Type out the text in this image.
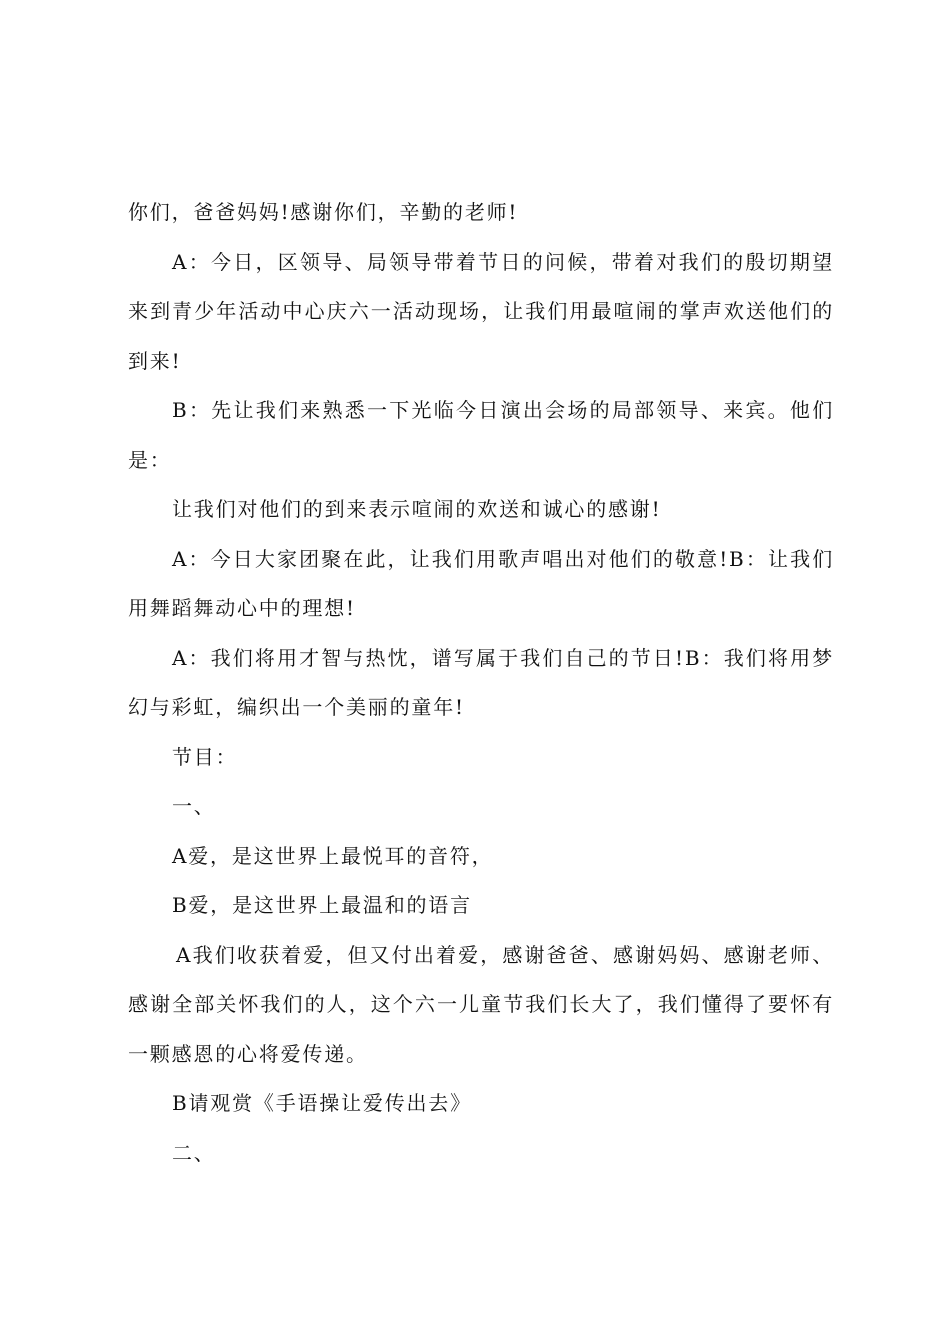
你们，爸爸妈妈!感谢你们，辛勤的老师!

A：今日，区领导、局领导带着节日的问候，带着对我们的殷切期望来到青少年活动中心庆六一活动现场，让我们用最喧闹的掌声欢送他们的到来!

B：先让我们来熟悉一下光临今日演出会场的局部领导、来宾。他们是：

让我们对他们的到来表示喧闹的欢送和诚心的感谢!

A：今日大家团聚在此，让我们用歌声唱出对他们的敬意!B：让我们用舞蹈舞动心中的理想!

A：我们将用才智与热忱，谱写属于我们自己的节日!B：我们将用梦幻与彩虹，编织出一个美丽的童年!

节目：

一、

A爱，是这世界上最悦耳的音符，

B爱，是这世界上最温和的语言

A我们收获着爱，但又付出着爱，感谢爸爸、感谢妈妈、感谢老师、感谢全部关怀我们的人，这个六一儿童节我们长大了，我们懂得了要怀有一颗感恩的心将爱传递。

B请观赏《手语操让爱传出去》

二、
